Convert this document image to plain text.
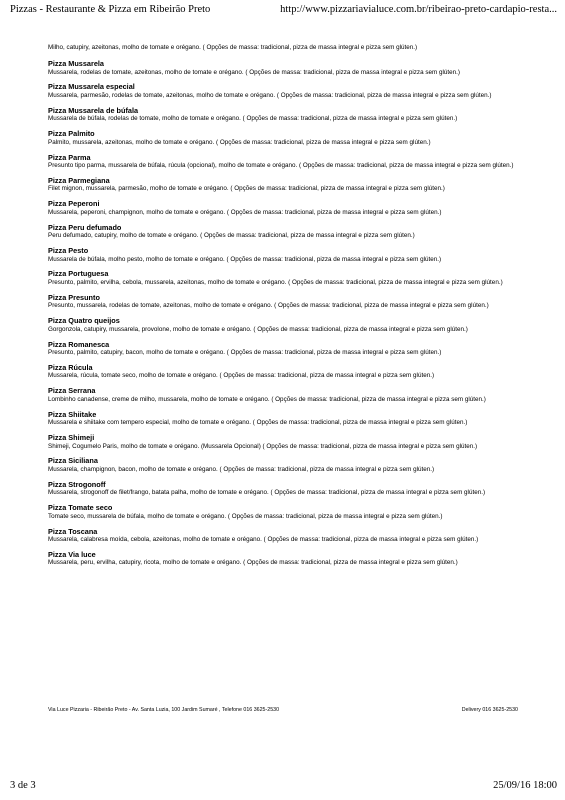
Pizzas - Restaurante & Pizza em Ribeirão Preto	http://www.pizzariavialuce.com.br/ribeirao-preto-cardapio-resta...

Milho, catupiry, azeitonas, molho de tomate e orégano. ( Opções de massa: tradicional, pizza de massa integral e pizza sem glúten.)

Pizza Mussarela
Mussarela, rodelas de tomate, azeitonas, molho de tomate e orégano. ( Opções de massa: tradicional, pizza de massa integral e pizza sem glúten.)
Pizza Mussarela especial
Mussarela, parmesão, rodelas de tomate, azeitonas, molho de tomate e orégano. ( Opções de massa: tradicional, pizza de massa integral e pizza sem glúten.)
Pizza Mussarela de búfala
Mussarela de búfala, rodelas de tomate, molho de tomate e orégano. ( Opções de massa: tradicional, pizza de massa integral e pizza sem glúten.)
Pizza Palmito
Palmito, mussarela, azeitonas, molho de tomate e orégano. ( Opções de massa: tradicional, pizza de massa integral e pizza sem glúten.)
Pizza Parma
Presunto tipo parma, mussarela de búfala, rúcula (opcional), molho de tomate e orégano. ( Opções de massa: tradicional, pizza de massa integral e pizza sem glúten.)
Pizza Parmegiana
Filet mignon, mussarela, parmesão, molho de tomate e orégano. ( Opções de massa: tradicional, pizza de massa integral e pizza sem glúten.)
Pizza Peperoni
Mussarela, peperoni, champignon, molho de tomate e orégano. ( Opções de massa: tradicional, pizza de massa integral e pizza sem glúten.)
Pizza Peru defumado
Peru defumado, catupiry, molho de tomate e orégano. ( Opções de massa: tradicional, pizza de massa integral e pizza sem glúten.)
Pizza Pesto
Mussarela de búfala, molho pesto, molho de tomate e orégano. ( Opções de massa: tradicional, pizza de massa integral e pizza sem glúten.)
Pizza Portuguesa
Presunto, palmito, ervilha, cebola, mussarela, azeitonas, molho de tomate e orégano. ( Opções de massa: tradicional, pizza de massa integral e pizza sem glúten.)
Pizza Presunto
Presunto, mussarela, rodelas de tomate, azeitonas, molho de tomate e orégano. ( Opções de massa: tradicional, pizza de massa integral e pizza sem glúten.)
Pizza Quatro queijos
Gorgonzola, catupiry, mussarela, provolone, molho de tomate e orégano. ( Opções de massa: tradicional, pizza de massa integral e pizza sem glúten.)
Pizza Romanesca
Presunto, palmito, catupiry, bacon, molho de tomate e orégano. ( Opções de massa: tradicional, pizza de massa integral e pizza sem glúten.)
Pizza Rúcula
Mussarela, rúcula, tomate seco, molho de tomate e orégano. ( Opções de massa: tradicional, pizza de massa integral e pizza sem glúten.)
Pizza Serrana
Lombinho canadense, creme de milho, mussarela, molho de tomate e orégano. ( Opções de massa: tradicional, pizza de massa integral e pizza sem glúten.)
Pizza Shiitake
Mussarela e shiitake com tempero especial, molho de tomate e orégano. ( Opções de massa: tradicional, pizza de massa integral e pizza sem glúten.)
Pizza Shimeji
Shimeji, Cogumelo Paris, molho de tomate e orégano. (Mussarela Opcional) ( Opções de massa: tradicional, pizza de massa integral e pizza sem glúten.)
Pizza Siciliana
Mussarela, champignon, bacon, molho de tomate e orégano. ( Opções de massa: tradicional, pizza de massa integral e pizza sem glúten.)
Pizza Strogonoff
Mussarela, strogonoff de filet/frango, batata palha, molho de tomate e orégano. ( Opções de massa: tradicional, pizza de massa integral e pizza sem glúten.)
Pizza Tomate seco
Tomate seco, mussarela de búfala, molho de tomate e orégano. ( Opções de massa: tradicional, pizza de massa integral e pizza sem glúten.)
Pizza Toscana
Mussarela, calabresa moída, cebola, azeitonas, molho de tomate e orégano. ( Opções de massa: tradicional, pizza de massa integral e pizza sem glúten.)
Pizza Via luce
Mussarela, peru, ervilha, catupiry, ricota, molho de tomate e orégano. ( Opções de massa: tradicional, pizza de massa integral e pizza sem glúten.)
Via Luce Pizzaria - Ribeirão Preto - Av. Santa Luzia, 100 Jardim Sumaré , Telefone 016 3625-2530	Delivery 016 3625-2530
3 de 3	25/09/16 18:00
